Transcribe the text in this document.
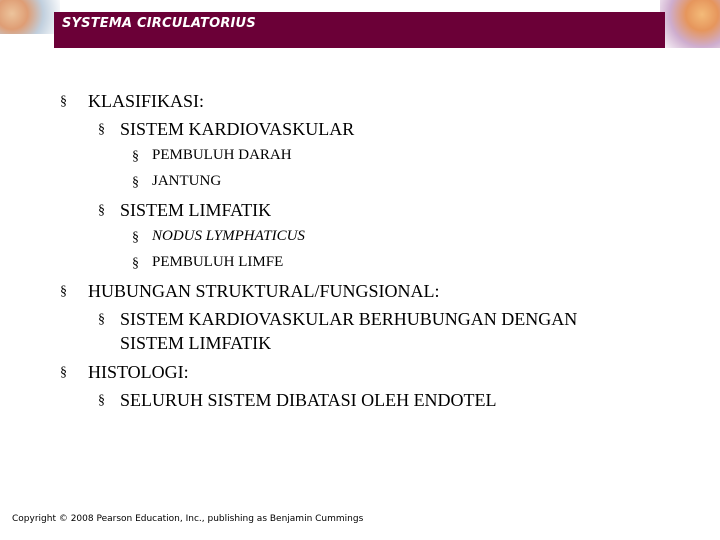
SYSTEMA CIRCULATORIUS
§ KLASIFIKASI:
§ SISTEM KARDIOVASKULAR
§ PEMBULUH DARAH
§ JANTUNG
§ SISTEM LIMFATIK
§ NODUS LYMPHATICUS
§ PEMBULUH LIMFE
§ HUBUNGAN STRUKTURAL/FUNGSIONAL:
§ SISTEM KARDIOVASKULAR BERHUBUNGAN DENGAN
SISTEM LIMFATIK
§ HISTOLOGI:
§ SELURUH SISTEM DIBATASI OLEH ENDOTEL
Copyright © 2008 Pearson Education, Inc., publishing as Benjamin Cummings
